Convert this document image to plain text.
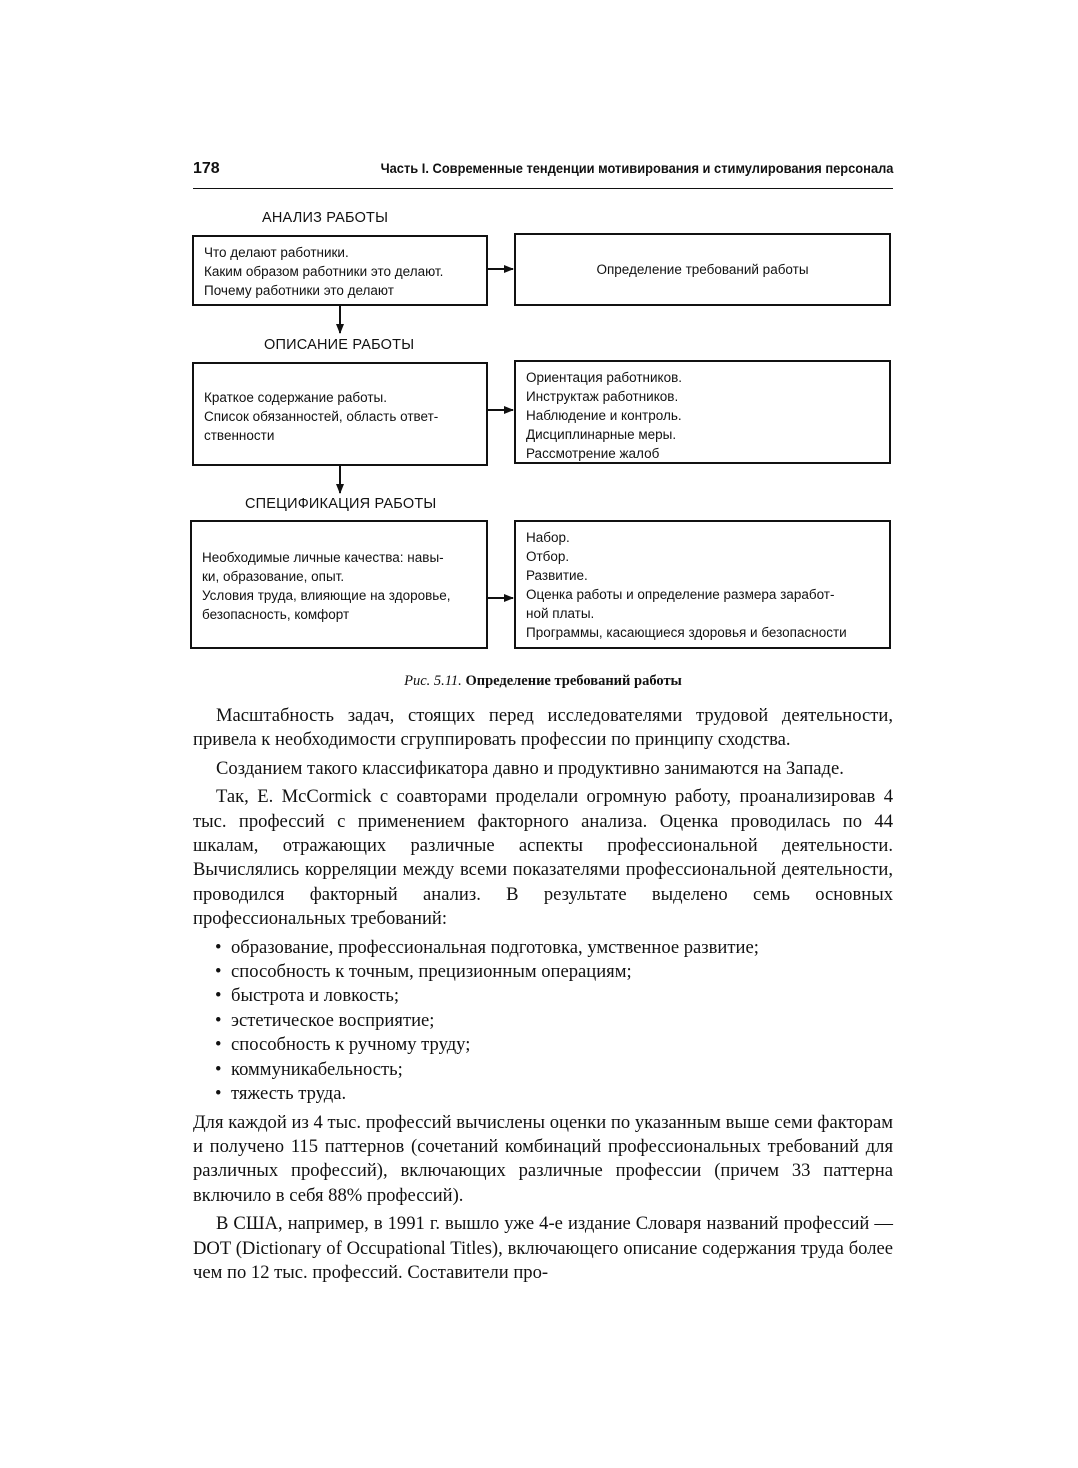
178	Часть I. Современные тенденции мотивирования и стимулирования персонала
АНАЛИЗ РАБОТЫ
Что делают работники.
Каким образом работники это делают.
Почему работники это делают
Определение требований работы
ОПИСАНИЕ РАБОТЫ
Краткое содержание работы.
Список обязанностей, область ответ-
ственности
Ориентация работников.
Инструктаж работников.
Наблюдение и контроль.
Дисциплинарные меры.
Рассмотрение жалоб
СПЕЦИФИКАЦИЯ РАБОТЫ
Необходимые личные качества: навы-
ки, образование, опыт.
Условия труда, влияющие на здоровье,
безопасность, комфорт
Набор.
Отбор.
Развитие.
Оценка работы и определение размера заработ-
ной платы.
Программы, касающиеся здоровья и безопасности
Рис. 5.11. Определение требований работы

Масштабность задач, стоящих перед исследователями трудовой деятельности, привела к необходимости сгруппировать профессии по принципу сходства.

Созданием такого классификатора давно и продуктивно занимаются на Западе.

Так, E. McCormick с соавторами проделали огромную работу, проанализировав 4 тыс. профессий с применением факторного анализа. Оценка проводилась по 44 шкалам, отражающих различные аспекты профессиональной деятельности. Вычислялись корреляции между всеми показателями профессиональной деятельности, проводился факторный анализ. В результате выделено семь основных профессиональных требований:

• образование, профессиональная подготовка, умственное развитие;
• способность к точным, прецизионным операциям;
• быстрота и ловкость;
• эстетическое восприятие;
• способность к ручному труду;
• коммуникабельность;
• тяжесть труда.

Для каждой из 4 тыс. профессий вычислены оценки по указанным выше семи факторам и получено 115 паттернов (сочетаний комбинаций профессиональных требований для различных профессий), включающих различные профессии (причем 33 паттерна включило в себя 88% профессий).

В США, например, в 1991 г. вышло уже 4-е издание Словаря названий профессий — DOT (Dictionary of Occupational Titles), включающего описание содержания труда более чем по 12 тыс. профессий. Составители про-
